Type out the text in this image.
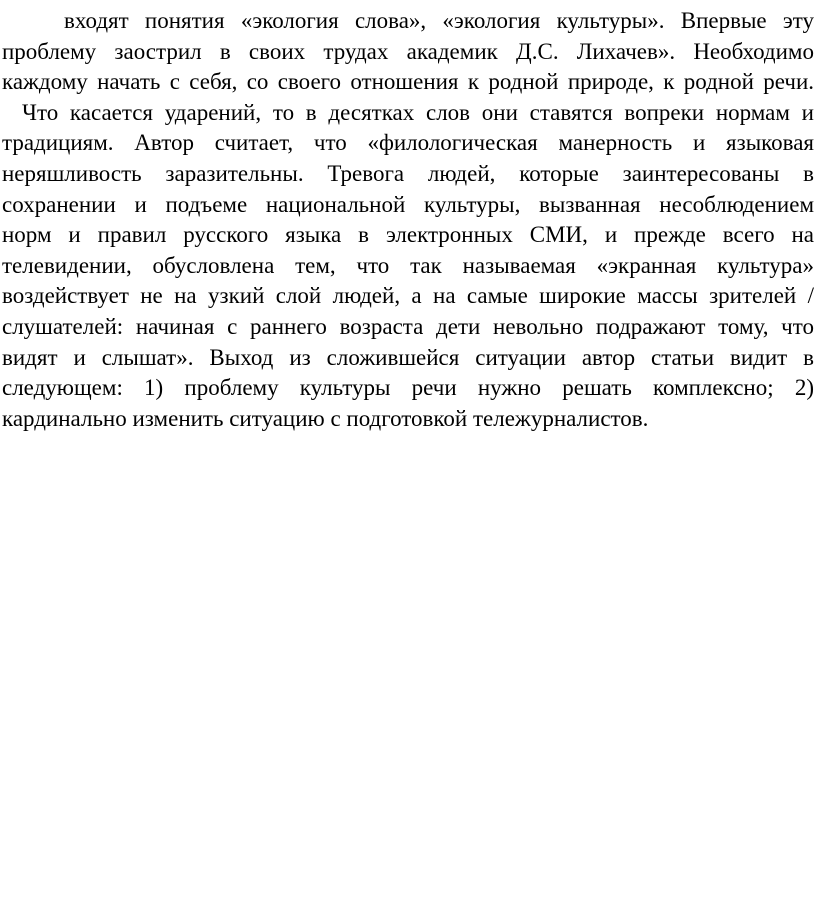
входят понятия «экология слова», «экология культуры». Впервые эту
проблему заострил в своих трудах академик Д.С. Лихачев». Необходимо
каждому начать с себя, со своего отношения к родной природе, к родной речи.
Что касается ударений, то в десятках слов они ставятся вопреки нормам и
традициям. Автор считает, что «филологическая манерность и языковая
неряшливость заразительны. Тревога людей, которые заинтересованы в
сохранении и подъеме национальной культуры, вызванная несоблюдением
норм и правил русского языка в электронных СМИ, и прежде всего на
телевидении, обусловлена тем, что так называемая «экранная культура»
воздействует не на узкий слой людей, а на самые широкие массы зрителей /
слушателей: начиная с раннего возраста дети невольно подражают тому, что
видят и слышат». Выход из сложившейся ситуации автор статьи видит в
следующем: 1) проблему культуры речи нужно решать комплексно; 2)
кардинально изменить ситуацию с подготовкой тележурналистов.
